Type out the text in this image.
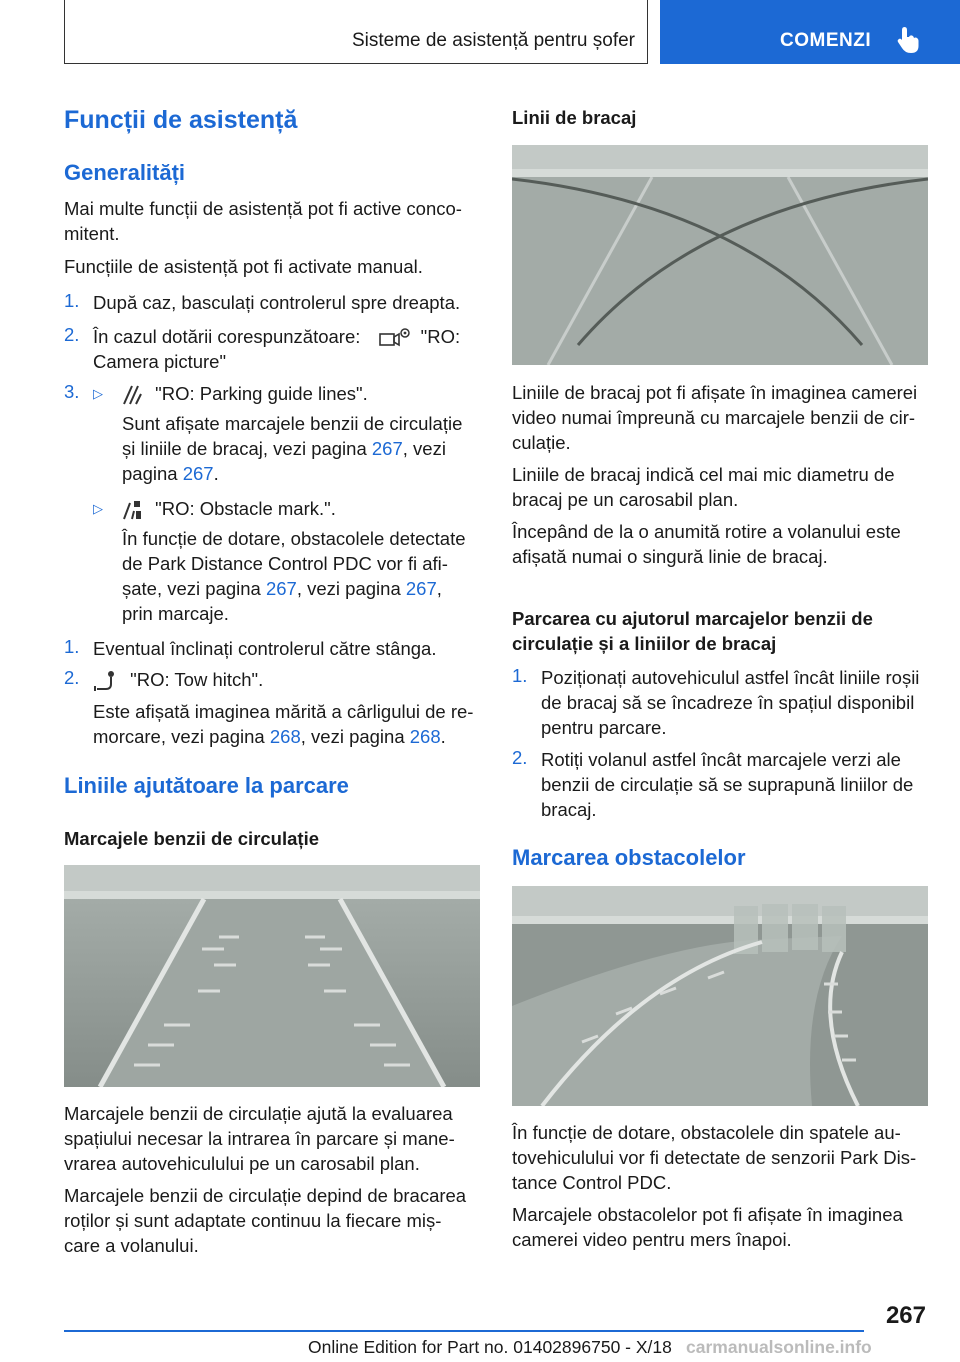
Sisteme de asistență pentru șofer	COMENZI
Funcții de asistență
Generalități
Mai multe funcții de asistență pot fi active conco-
mitent.
Funcțiile de asistență pot fi activate manual.
1. După caz, basculați controlerul spre dreapta.
2. În cazul dotării corespunzătoare:	"RO:
Camera picture"
3. ▷	"RO: Parking guide lines".
Sunt afișate marcajele benzii de circulație
și liniile de bracaj, vezi pagina 267, vezi
pagina 267.
▷	"RO: Obstacle mark.".
În funcție de dotare, obstacolele detectate
de Park Distance Control PDC vor fi afi-
șate, vezi pagina 267, vezi pagina 267,
prin marcaje.
1. Eventual înclinați controlerul către stânga.
2.	"RO: Tow hitch".
Este afișată imaginea mărită a cârligului de re-
morcare, vezi pagina 268, vezi pagina 268.
Liniile ajutătoare la parcare
Marcajele benzii de circulație
Marcajele benzii de circulație ajută la evaluarea
spațiului necesar la intrarea în parcare și mane-
vrarea autovehiculului pe un carosabil plan.
Marcajele benzii de circulație depind de bracarea
roților și sunt adaptate continuu la fiecare miș-
care a volanului.
Linii de bracaj
Liniile de bracaj pot fi afișate în imaginea camerei
video numai împreună cu marcajele benzii de cir-
culație.
Liniile de bracaj indică cel mai mic diametru de
bracaj pe un carosabil plan.
Începând de la o anumită rotire a volanului este
afișată numai o singură linie de bracaj.
Parcarea cu ajutorul marcajelor benzii de
circulație și a liniilor de bracaj
1. Poziționați autovehiculul astfel încât liniile roșii
de bracaj să se încadreze în spațiul disponibil
pentru parcare.
2. Rotiți volanul astfel încât marcajele verzi ale
benzii de circulație să se suprapună liniilor de
bracaj.
Marcarea obstacolelor
În funcție de dotare, obstacolele din spatele au-
tovehiculului vor fi detectate de senzorii Park Dis-
tance Control PDC.
Marcajele obstacolelor pot fi afișate în imaginea
camerei video pentru mers înapoi.
267
Online Edition for Part no. 01402896750 - X/18 carmanualsonline.info
